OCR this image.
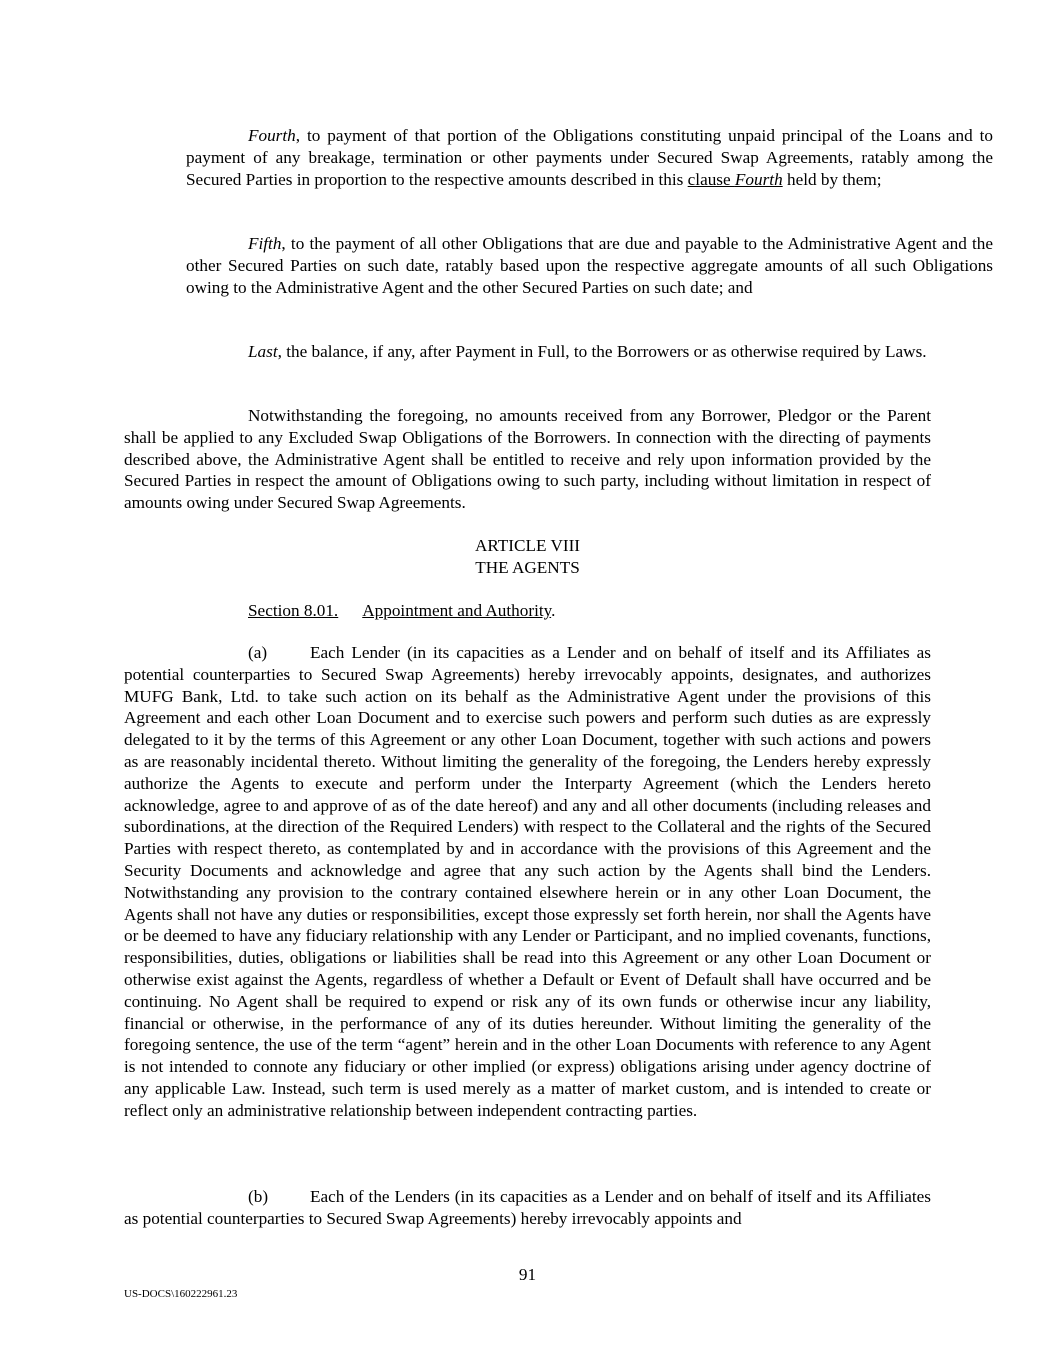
Fourth, to payment of that portion of the Obligations constituting unpaid principal of the Loans and to payment of any breakage, termination or other payments under Secured Swap Agreements, ratably among the Secured Parties in proportion to the respective amounts described in this clause Fourth held by them;

Fifth, to the payment of all other Obligations that are due and payable to the Administrative Agent and the other Secured Parties on such date, ratably based upon the respective aggregate amounts of all such Obligations owing to the Administrative Agent and the other Secured Parties on such date; and

Last, the balance, if any, after Payment in Full, to the Borrowers or as otherwise required by Laws.

Notwithstanding the foregoing, no amounts received from any Borrower, Pledgor or the Parent shall be applied to any Excluded Swap Obligations of the Borrowers. In connection with the directing of payments described above, the Administrative Agent shall be entitled to receive and rely upon information provided by the Secured Parties in respect the amount of Obligations owing to such party, including without limitation in respect of amounts owing under Secured Swap Agreements.

ARTICLE VIII
THE AGENTS

Section 8.01. Appointment and Authority.

(a) Each Lender (in its capacities as a Lender and on behalf of itself and its Affiliates as potential counterparties to Secured Swap Agreements) hereby irrevocably appoints, designates, and authorizes MUFG Bank, Ltd. to take such action on its behalf as the Administrative Agent under the provisions of this Agreement and each other Loan Document and to exercise such powers and perform such duties as are expressly delegated to it by the terms of this Agreement or any other Loan Document, together with such actions and powers as are reasonably incidental thereto. Without limiting the generality of the foregoing, the Lenders hereby expressly authorize the Agents to execute and perform under the Interparty Agreement (which the Lenders hereto acknowledge, agree to and approve of as of the date hereof) and any and all other documents (including releases and subordinations, at the direction of the Required Lenders) with respect to the Collateral and the rights of the Secured Parties with respect thereto, as contemplated by and in accordance with the provisions of this Agreement and the Security Documents and acknowledge and agree that any such action by the Agents shall bind the Lenders. Notwithstanding any provision to the contrary contained elsewhere herein or in any other Loan Document, the Agents shall not have any duties or responsibilities, except those expressly set forth herein, nor shall the Agents have or be deemed to have any fiduciary relationship with any Lender or Participant, and no implied covenants, functions, responsibilities, duties, obligations or liabilities shall be read into this Agreement or any other Loan Document or otherwise exist against the Agents, regardless of whether a Default or Event of Default shall have occurred and be continuing. No Agent shall be required to expend or risk any of its own funds or otherwise incur any liability, financial or otherwise, in the performance of any of its duties hereunder. Without limiting the generality of the foregoing sentence, the use of the term “agent” herein and in the other Loan Documents with reference to any Agent is not intended to connote any fiduciary or other implied (or express) obligations arising under agency doctrine of any applicable Law. Instead, such term is used merely as a matter of market custom, and is intended to create or reflect only an administrative relationship between independent contracting parties.

(b) Each of the Lenders (in its capacities as a Lender and on behalf of itself and its Affiliates as potential counterparties to Secured Swap Agreements) hereby irrevocably appoints and

91
US-DOCS\160222961.23
